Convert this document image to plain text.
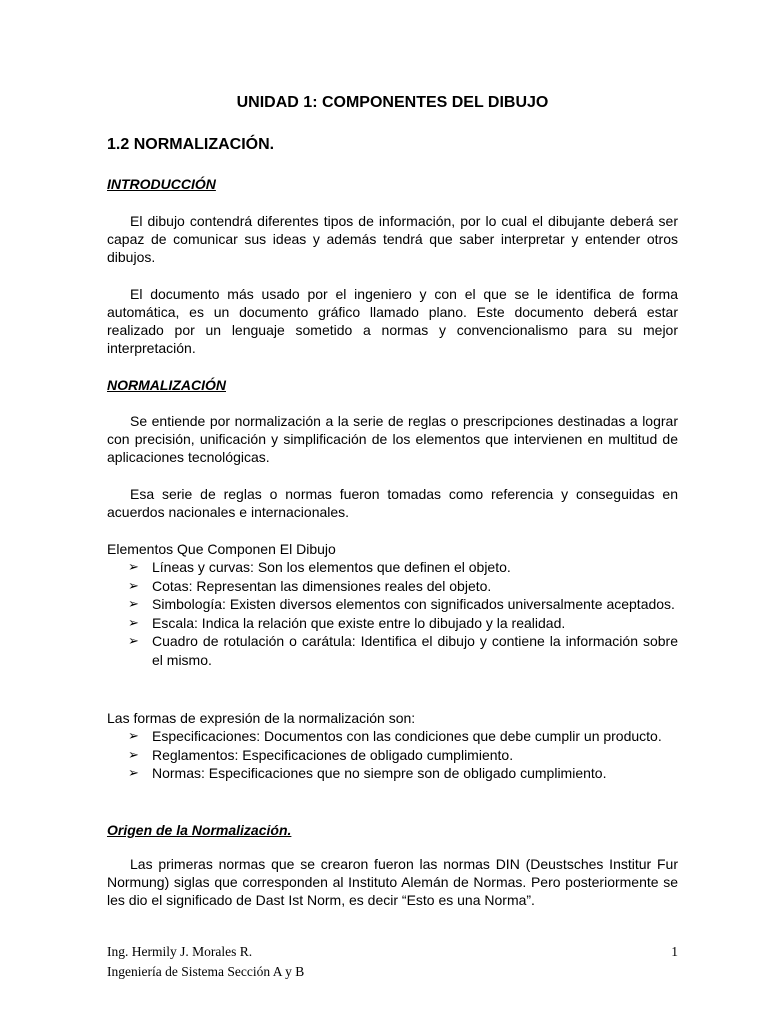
UNIDAD 1: COMPONENTES DEL DIBUJO
1.2 NORMALIZACIÓN.
INTRODUCCIÓN
El dibujo contendrá diferentes tipos de información, por lo cual el dibujante deberá ser capaz de comunicar sus ideas y además tendrá que saber interpretar y entender otros dibujos.
El documento más usado por el ingeniero y con el que se le identifica de forma automática, es un documento gráfico llamado plano. Este documento deberá estar realizado por un lenguaje sometido a normas y convencionalismo para su mejor interpretación.
NORMALIZACIÓN
Se entiende por normalización a la serie de reglas o prescripciones destinadas a lograr con precisión, unificación y simplificación de los elementos que intervienen en multitud de aplicaciones tecnológicas.
Esa serie de reglas o normas fueron tomadas como referencia y conseguidas en acuerdos nacionales e internacionales.
Elementos Que Componen El Dibujo
➢ Líneas y curvas: Son los elementos que definen el objeto.
➢ Cotas: Representan las dimensiones reales del objeto.
➢ Simbología: Existen diversos elementos con significados universalmente aceptados.
➢ Escala: Indica la relación que existe entre lo dibujado y la realidad.
➢ Cuadro de rotulación o carátula: Identifica el dibujo y contiene la información sobre el mismo.
Las formas de expresión de la normalización son:
➢ Especificaciones: Documentos con las condiciones que debe cumplir un producto.
➢ Reglamentos: Especificaciones de obligado cumplimiento.
➢ Normas: Especificaciones que no siempre son de obligado cumplimiento.
Origen de la Normalización.
Las primeras normas que se crearon fueron las normas DIN (Deustsches Institur Fur Normung) siglas que corresponden al Instituto Alemán de Normas. Pero posteriormente se les dio el significado de Dast Ist Norm, es decir “Esto es una Norma”.
Ing. Hermily J. Morales R.
Ingeniería de Sistema Sección A y B
1
